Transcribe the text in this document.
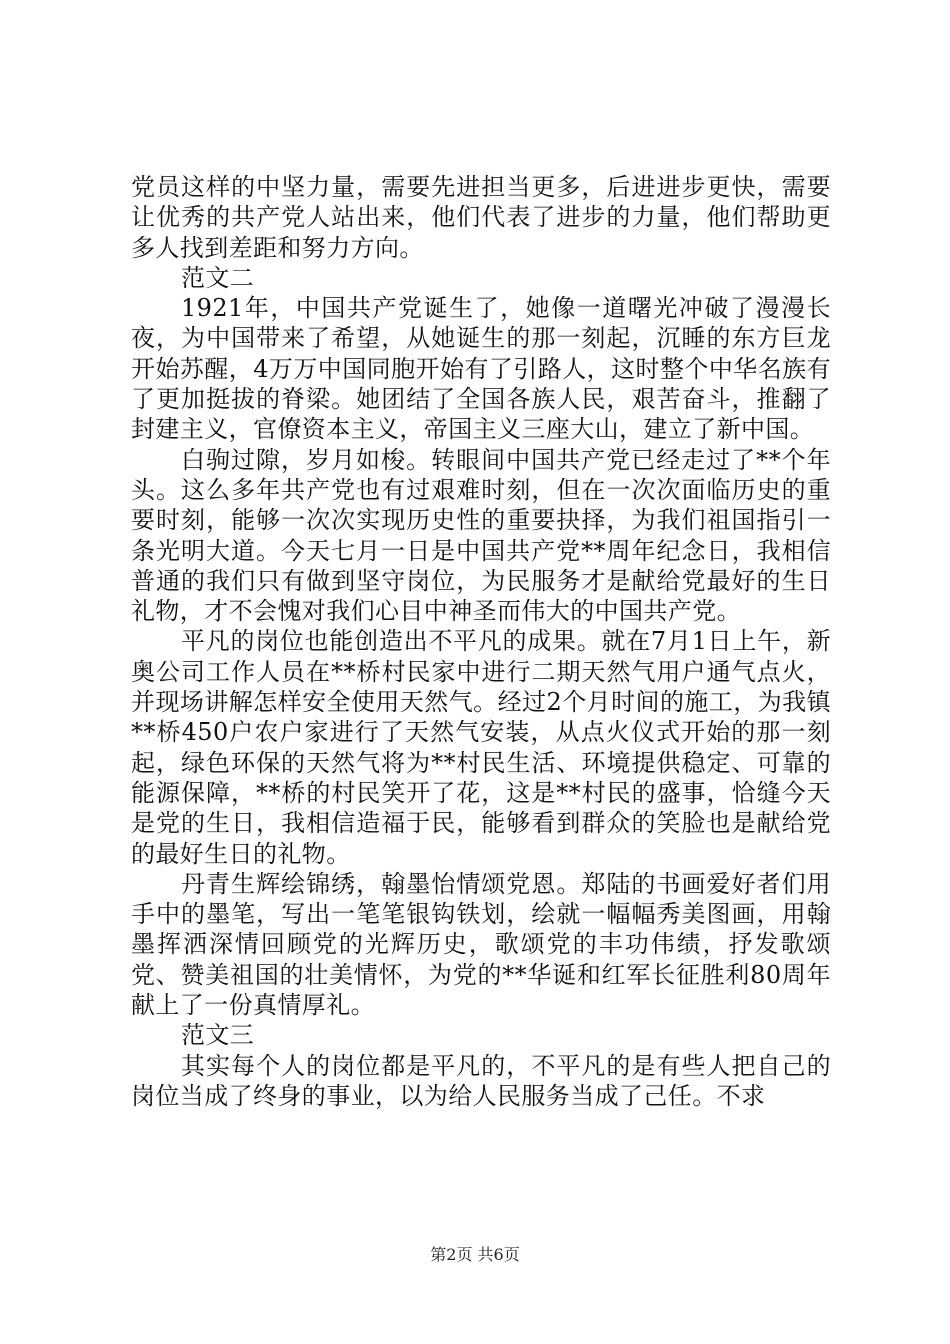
党员这样的中坚力量，需要先进担当更多，后进进步更快，需要让优秀的共产党人站出来，他们代表了进步的力量，他们帮助更多人找到差距和努力方向。

范文二

1921年，中国共产党诞生了，她像一道曙光冲破了漫漫长夜，为中国带来了希望，从她诞生的那一刻起，沉睡的东方巨龙开始苏醒，4万万中国同胞开始有了引路人，这时整个中华名族有了更加挺拔的脊梁。她团结了全国各族人民，艰苦奋斗，推翻了封建主义，官僚资本主义，帝国主义三座大山，建立了新中国。

白驹过隙，岁月如梭。转眼间中国共产党已经走过了**个年头。这么多年共产党也有过艰难时刻，但在一次次面临历史的重要时刻，能够一次次实现历史性的重要抉择，为我们祖国指引一条光明大道。今天七月一日是中国共产党**周年纪念日，我相信普通的我们只有做到坚守岗位，为民服务才是献给党最好的生日礼物，才不会愧对我们心目中神圣而伟大的中国共产党。

平凡的岗位也能创造出不平凡的成果。就在7月1日上午，新奥公司工作人员在**桥村民家中进行二期天然气用户通气点火，并现场讲解怎样安全使用天然气。经过2个月时间的施工，为我镇**桥450户农户家进行了天然气安装，从点火仪式开始的那一刻起，绿色环保的天然气将为**村民生活、环境提供稳定、可靠的能源保障，**桥的村民笑开了花，这是**村民的盛事，恰缝今天是党的生日，我相信造福于民，能够看到群众的笑脸也是献给党的最好生日的礼物。

丹青生辉绘锦绣，翰墨怡情颂党恩。郑陆的书画爱好者们用手中的墨笔，写出一笔笔银钩铁划，绘就一幅幅秀美图画，用翰墨挥洒深情回顾党的光辉历史，歌颂党的丰功伟绩，抒发歌颂党、赞美祖国的壮美情怀，为党的**华诞和红军长征胜利80周年献上了一份真情厚礼。

范文三

其实每个人的岗位都是平凡的，不平凡的是有些人把自己的岗位当成了终身的事业，以为给人民服务当成了己任。不求

第2页 共6页
